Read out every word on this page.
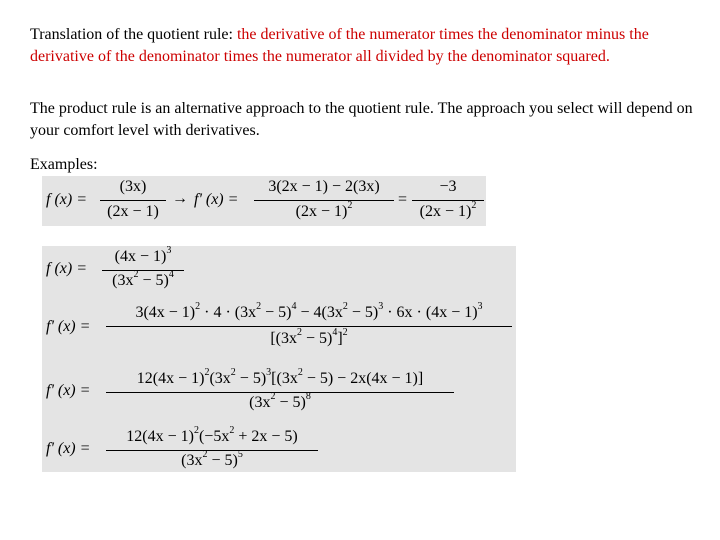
Translation of the quotient rule: the derivative of the numerator times the denominator minus the derivative of the denominator times the numerator all divided by the denominator squared.
The product rule is an alternative approach to the quotient rule. The approach you select will depend on your comfort level with derivatives.
Examples:
f (x) =
(3x)
(2x − 1)
→ f' (x) =
3(2x − 1) − 2(3x)
$(2x - 1)^2$	=
−3
$(2x - 1)^2$
f (x) =
$(4x - 1)^3$
$(3x^2 - 5)^4$
f' (x) =
$3(4x - 1)^2 \cdot 4 \cdot (3x^2 - 5)^4 - 4(3x^2 - 5)^3 \cdot 6x \cdot (4x - 1)^3$
$[(3x^2 - 5)^4]^2$
f' (x) =
$12(4x - 1)^2(3x^2 - 5)^3[(3x^2 - 5) - 2x(4x - 1)]$
$(3x^2 - 5)^8$
f' (x) =
$12(4x - 1)^2(-5x^2 + 2x - 5)$
$(3x^2 - 5)^5$
